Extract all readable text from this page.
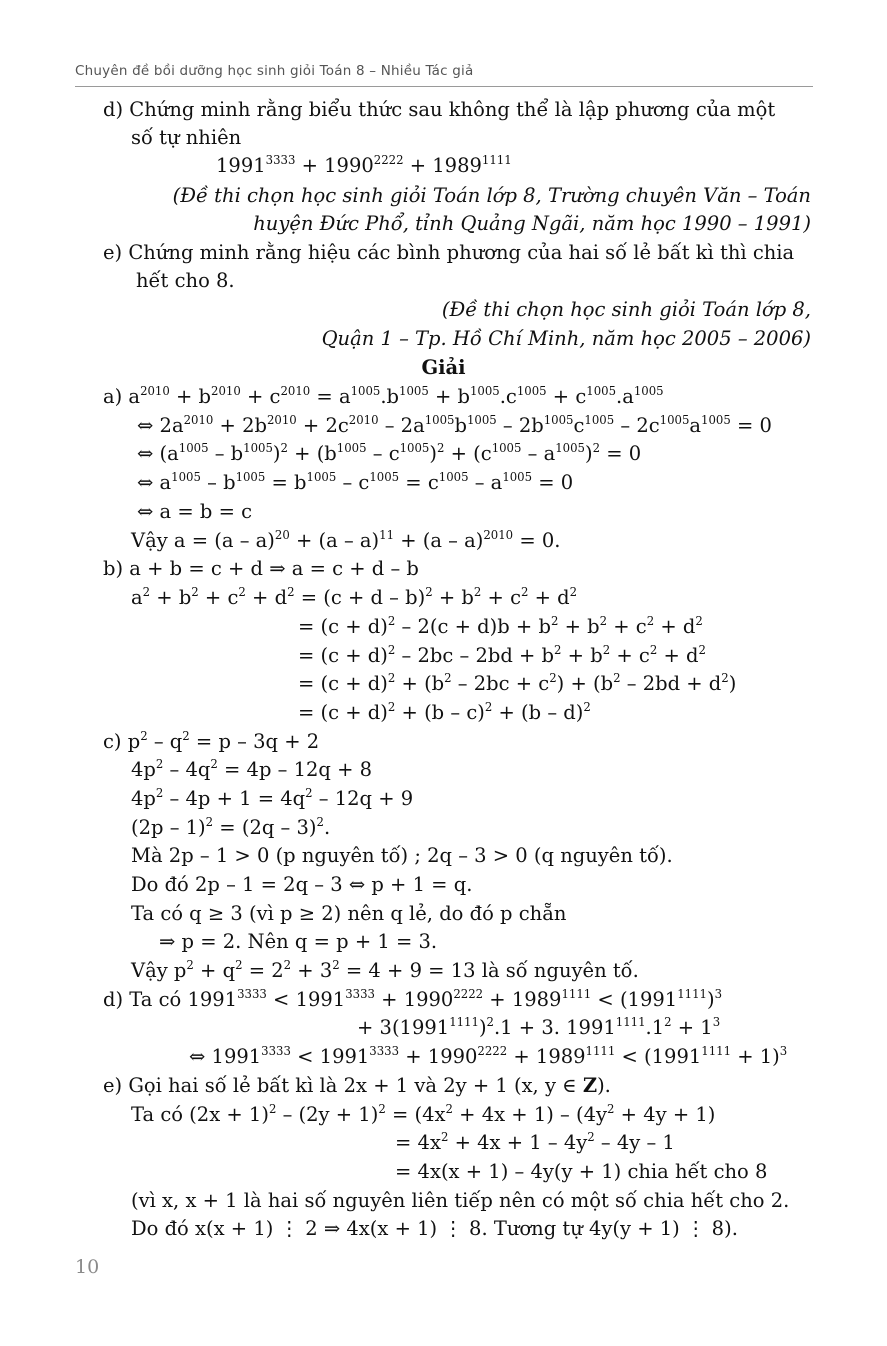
Chuyên đề bồi dưỡng học sinh giỏi Toán 8 – Nhiều Tác giả
d) Chứng minh rằng biểu thức sau không thể là lập phương của một
số tự nhiên
$1991^{3333} + 1990^{2222} + 1989^{1111}$
(Đề thi chọn học sinh giỏi Toán lớp 8, Trường chuyên Văn – Toán
huyện Đức Phổ, tỉnh Quảng Ngãi, năm học 1990 – 1991)
e) Chứng minh rằng hiệu các bình phương của hai số lẻ bất kì thì chia
hết cho 8.
(Đề thi chọn học sinh giỏi Toán lớp 8,
Quận 1 – Tp. Hồ Chí Minh, năm học 2005 – 2006)
Giải
a) $a^{2010} + b^{2010} + c^{2010} = a^{1005}.b^{1005} + b^{1005}.c^{1005} + c^{1005}.a^{1005}$
⇔ $2a^{2010} + 2b^{2010} + 2c^{2010} - 2a^{1005}b^{1005} - 2b^{1005}c^{1005} - 2c^{1005}a^{1005} = 0$
⇔ $(a^{1005} - b^{1005})^2 + (b^{1005} - c^{1005})^2 + (c^{1005} - a^{1005})^2 = 0$
⇔ $a^{1005} - b^{1005} = b^{1005} - c^{1005} = c^{1005} - a^{1005} = 0$
⇔ a = b = c
Vậy a = (a – a)$^{20}$ + (a – a)$^{11}$ + (a – a)$^{2010}$ = 0.
b) a + b = c + d ⇒ a = c + d – b
$a^2 + b^2 + c^2 + d^2 = (c + d - b)^2 + b^2 + c^2 + d^2$
= $(c + d)^2 - 2(c + d)b + b^2 + b^2 + c^2 + d^2$
= $(c + d)^2 - 2bc - 2bd + b^2 + b^2 + c^2 + d^2$
= $(c + d)^2 + (b^2 - 2bc + c^2) + (b^2 - 2bd + d^2)$
= $(c + d)^2 + (b - c)^2 + (b - d)^2$
c) $p^2 - q^2 = p - 3q + 2$
$4p^2 - 4q^2 = 4p - 12q + 8$
$4p^2 - 4p + 1 = 4q^2 - 12q + 9$
(2p – 1)$^2$ = (2q – 3)$^2$.
Mà 2p – 1 > 0 (p nguyên tố) ; 2q – 3 > 0 (q nguyên tố).
Do đó 2p – 1 = 2q – 3 ⇔ p + 1 = q.
Ta có q ≥ 3 (vì p ≥ 2) nên q lẻ, do đó p chẵn
⇒ p = 2. Nên q = p + 1 = 3.
Vậy $p^2 + q^2 = 2^2 + 3^2 = 4 + 9 = 13$ là số nguyên tố.
d) Ta có $1991^{3333} < 1991^{3333} + 1990^{2222} + 1989^{1111} < (1991^{1111})^3$
+ $3(1991^{1111})^2.1 + 3$. $1991^{1111}.1^2 + 1^3$
⇔ $1991^{3333} < 1991^{3333} + 1990^{2222} + 1989^{1111} < (1991^{1111} + 1)^3$
e) Gọi hai số lẻ bất kì là 2x + 1 và 2y + 1 (x, y ∈ Z).
Ta có $(2x + 1)^2 - (2y + 1)^2 = (4x^2 + 4x + 1) - (4y^2 + 4y + 1)$
= $4x^2 + 4x + 1 - 4y^2 - 4y - 1$
= 4x(x + 1) – 4y(y + 1) chia hết cho 8
(vì x, x + 1 là hai số nguyên liên tiếp nên có một số chia hết cho 2.
Do đó x(x + 1) ⋮ 2 ⇒ 4x(x + 1) ⋮ 8. Tương tự 4y(y + 1) ⋮ 8).
10
